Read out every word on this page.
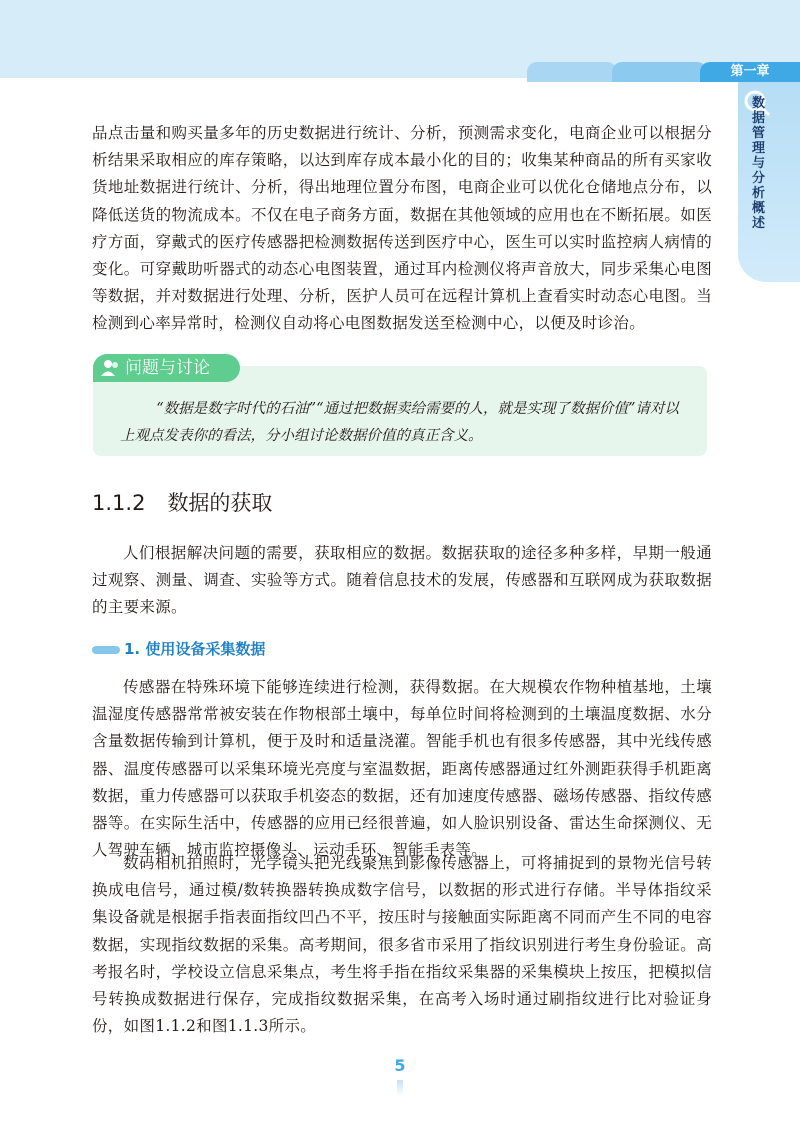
第一章
数据管理与分析概述

品点击量和购买量多年的历史数据进行统计、分析，预测需求变化，电商企业可以根据分析结果采取相应的库存策略，以达到库存成本最小化的目的；收集某种商品的所有买家收货地址数据进行统计、分析，得出地理位置分布图，电商企业可以优化仓储地点分布，以降低送货的物流成本。不仅在电子商务方面，数据在其他领域的应用也在不断拓展。如医疗方面，穿戴式的医疗传感器把检测数据传送到医疗中心，医生可以实时监控病人病情的变化。可穿戴助听器式的动态心电图装置，通过耳内检测仪将声音放大，同步采集心电图等数据，并对数据进行处理、分析，医护人员可在远程计算机上查看实时动态心电图。当检测到心率异常时，检测仪自动将心电图数据发送至检测中心，以便及时诊治。

问题与讨论

“数据是数字时代的石油”“通过把数据卖给需要的人，就是实现了数据价值”请对以上观点发表你的看法，分小组讨论数据价值的真正含义。

1.1.2 数据的获取

人们根据解决问题的需要，获取相应的数据。数据获取的途径多种多样，早期一般通过观察、测量、调查、实验等方式。随着信息技术的发展，传感器和互联网成为获取数据的主要来源。

1. 使用设备采集数据

传感器在特殊环境下能够连续进行检测，获得数据。在大规模农作物种植基地，土壤温湿度传感器常常被安装在作物根部土壤中，每单位时间将检测到的土壤温度数据、水分含量数据传输到计算机，便于及时和适量浇灌。智能手机也有很多传感器，其中光线传感器、温度传感器可以采集环境光亮度与室温数据，距离传感器通过红外测距获得手机距离数据，重力传感器可以获取手机姿态的数据，还有加速度传感器、磁场传感器、指纹传感器等。在实际生活中，传感器的应用已经很普遍，如人脸识别设备、雷达生命探测仪、无人驾驶车辆、城市监控摄像头、运动手环、智能手表等。

数码相机拍照时，光学镜头把光线聚焦到影像传感器上，可将捕捉到的景物光信号转换成电信号，通过模/数转换器转换成数字信号，以数据的形式进行存储。半导体指纹采集设备就是根据手指表面指纹凹凸不平，按压时与接触面实际距离不同而产生不同的电容数据，实现指纹数据的采集。高考期间，很多省市采用了指纹识别进行考生身份验证。高考报名时，学校设立信息采集点，考生将手指在指纹采集器的采集模块上按压，把模拟信号转换成数据进行保存，完成指纹数据采集，在高考入场时通过刷指纹进行比对验证身份，如图1.1.2和图1.1.3所示。

5
